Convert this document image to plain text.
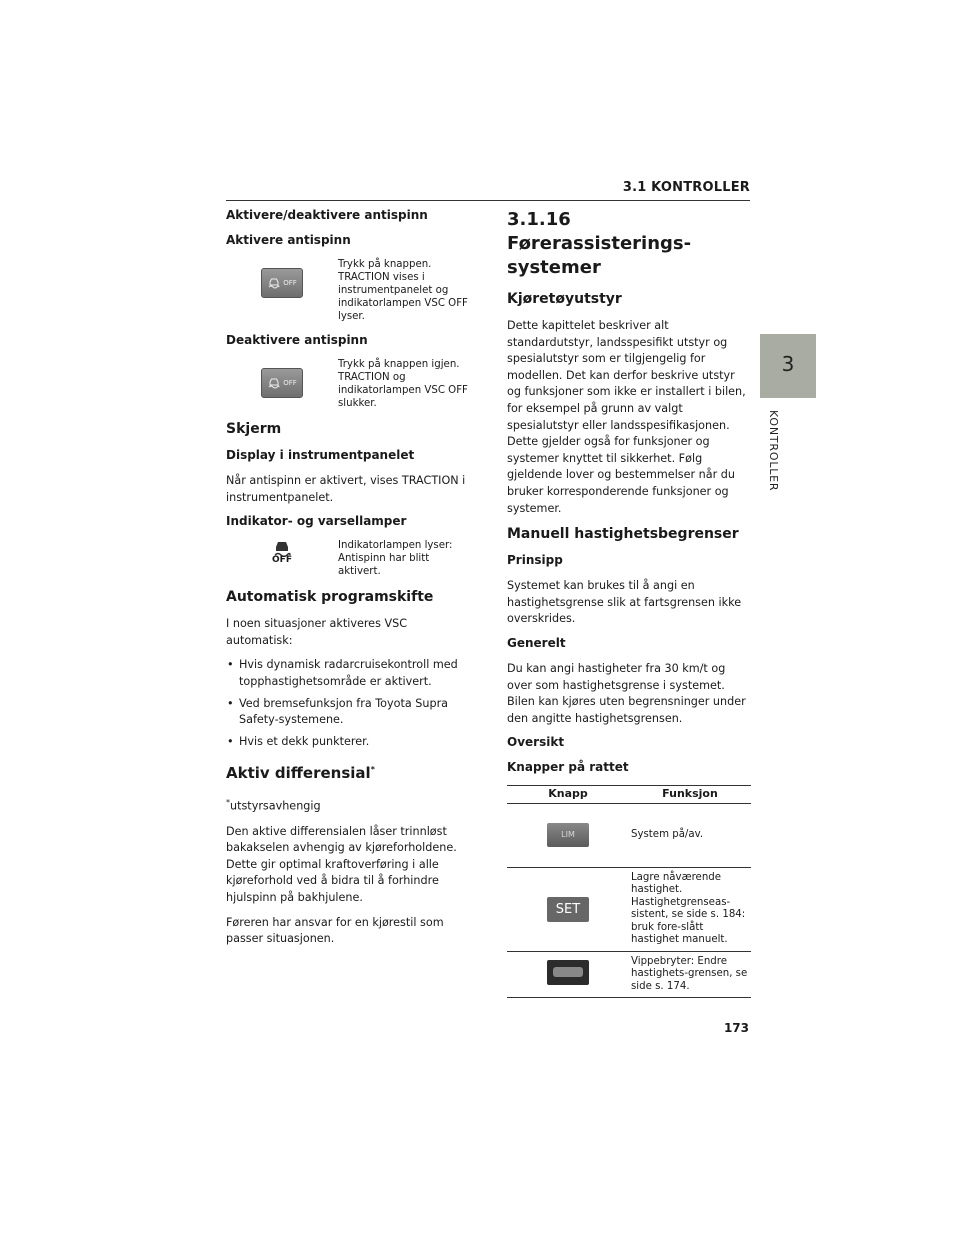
3.1 KONTROLLER
3
KONTROLLER
Aktivere/deaktivere antispinn
Aktivere antispinn
OFF
Trykk på knappen. TRACTION vises i instrumentpanelet og indikatorlampen VSC OFF lyser.
Deaktivere antispinn
OFF
Trykk på knappen igjen. TRACTION og indikatorlampen VSC OFF slukker.
Skjerm
Display i instrumentpanelet

Når antispinn er aktivert, vises TRACTION i instrumentpanelet.

Indikator- og varsellamper
OFF
Indikatorlampen lyser: Antispinn har blitt aktivert.
Automatisk programskifte

I noen situasjoner aktiveres VSC automatisk:

• Hvis dynamisk radarcruisekontroll med topphastighetsområde er aktivert.
• Ved bremsefunksjon fra Toyota Supra Safety-systemene.
• Hvis et dekk punkterer.
Aktiv differensial*

*utstyrsavhengig

Den aktive differensialen låser trinnløst bakakselen avhengig av kjøreforholdene. Dette gir optimal kraftoverføring i alle kjøreforhold ved å bidra til å forhindre hjulspinn på bakhjulene.

Føreren har ansvar for en kjørestil som passer situasjonen.

3.1.16 Førerassisterings-systemer
Kjøretøyutstyr

Dette kapittelet beskriver alt standardutstyr, landsspesifikt utstyr og spesialutstyr som er tilgjengelig for modellen. Det kan derfor beskrive utstyr og funksjoner som ikke er installert i bilen, for eksempel på grunn av valgt spesialutstyr eller landsspesifikasjonen. Dette gjelder også for funksjoner og systemer knyttet til sikkerhet. Følg gjeldende lover og bestemmelser når du bruker korresponderende funksjoner og systemer.

Manuell hastighetsbegrenser
Prinsipp

Systemet kan brukes til å angi en hastighetsgrense slik at fartsgrensen ikke overskrides.

Generelt

Du kan angi hastigheter fra 30 km/t og over som hastighetsgrense i systemet. Bilen kan kjøres uten begrensninger under den angitte hastighetsgrensen.

Oversikt
Knapper på rattet
Knapp	Funksjon
LIM	System på/av.
SET	Lagre nåværende hastighet. Hastighetgrenseas-sistent, se side s. 184: bruk fore-slått hastighet manuelt.
	Vippebryter: Endre hastighets-grensen, se side s. 174.
173
